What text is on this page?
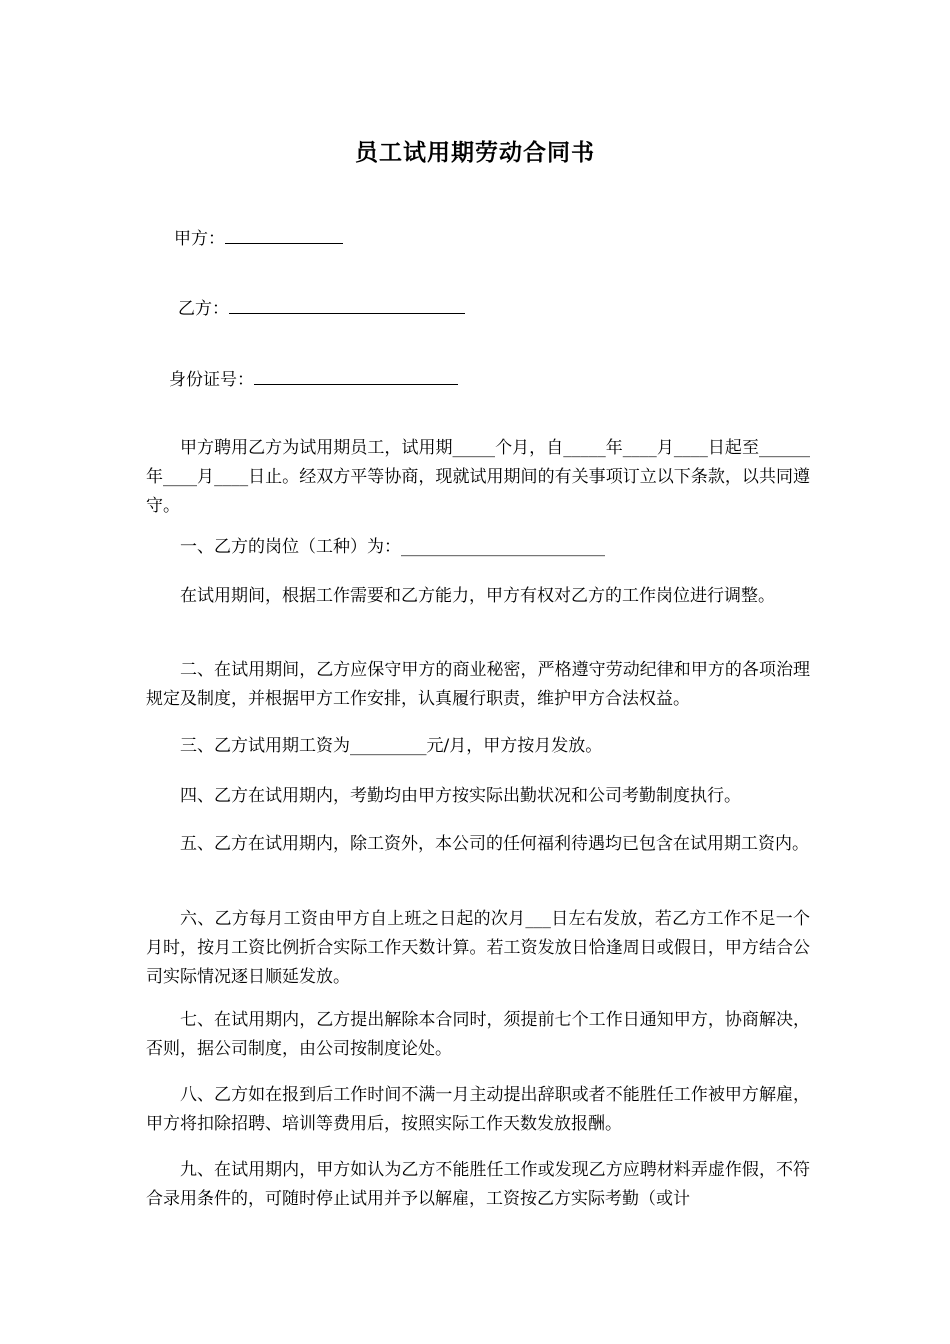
员工试用期劳动合同书
甲方：
乙方：
身份证号：

甲方聘用乙方为试用期员工，试用期_____个月，自_____年____月____日起至______年____月____日止。经双方平等协商，现就试用期间的有关事项订立以下条款，以共同遵守。

一、乙方的岗位（工种）为：________________________

在试用期间，根据工作需要和乙方能力，甲方有权对乙方的工作岗位进行调整。

二、在试用期间，乙方应保守甲方的商业秘密，严格遵守劳动纪律和甲方的各项治理规定及制度，并根据甲方工作安排，认真履行职责，维护甲方合法权益。

三、乙方试用期工资为_________元/月，甲方按月发放。

四、乙方在试用期内，考勤均由甲方按实际出勤状况和公司考勤制度执行。

五、乙方在试用期内，除工资外，本公司的任何福利待遇均已包含在试用期工资内。

六、乙方每月工资由甲方自上班之日起的次月___日左右发放，若乙方工作不足一个月时，按月工资比例折合实际工作天数计算。若工资发放日恰逢周日或假日，甲方结合公司实际情况逐日顺延发放。

七、在试用期内，乙方提出解除本合同时，须提前七个工作日通知甲方，协商解决，否则，据公司制度，由公司按制度论处。

八、乙方如在报到后工作时间不满一月主动提出辞职或者不能胜任工作被甲方解雇，甲方将扣除招聘、培训等费用后，按照实际工作天数发放报酬。

九、在试用期内，甲方如认为乙方不能胜任工作或发现乙方应聘材料弄虚作假，不符合录用条件的，可随时停止试用并予以解雇，工资按乙方实际考勤（或计
